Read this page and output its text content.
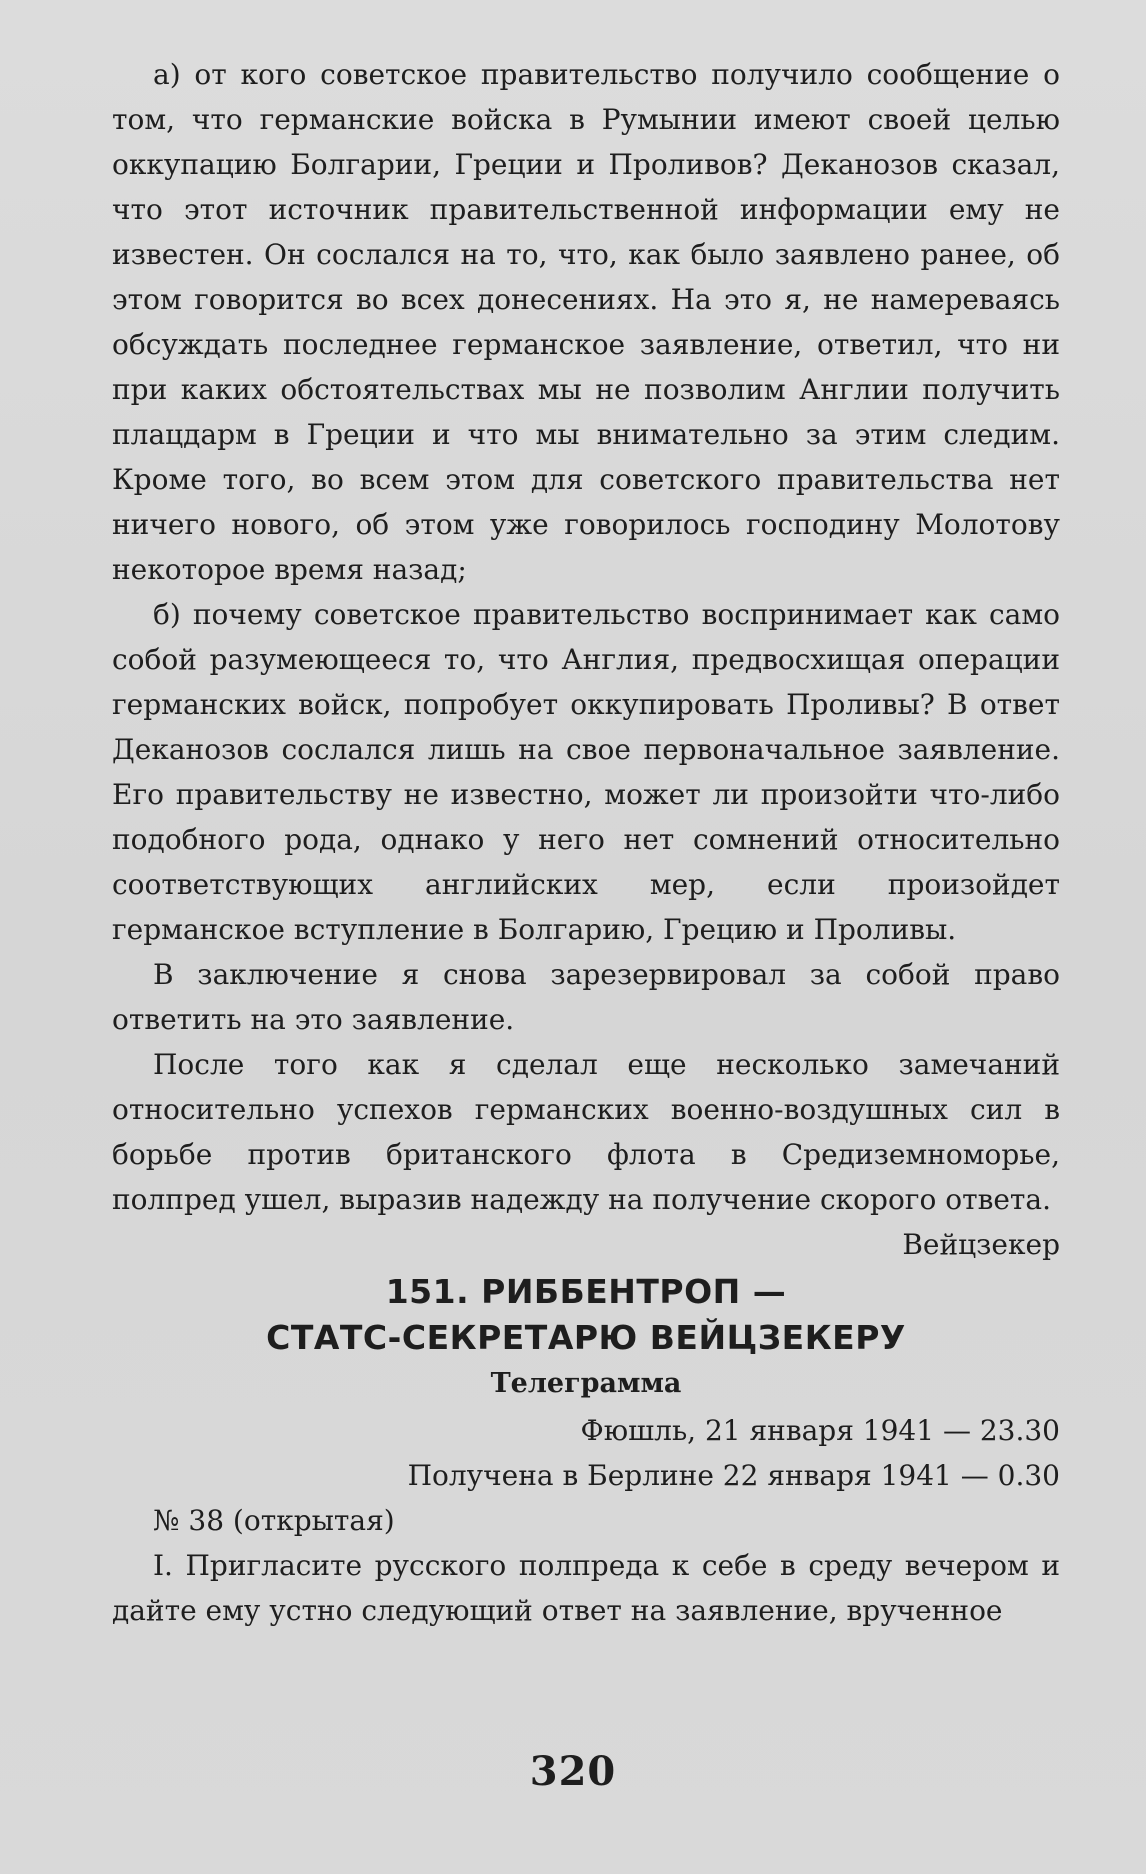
а) от кого советское правительство получило сообщение о том, что германские войска в Румынии имеют своей целью оккупацию Болгарии, Греции и Проливов? Деканозов сказал, что этот источник правительственной информации ему не известен. Он сослался на то, что, как было заявлено ранее, об этом говорится во всех донесениях. На это я, не намереваясь обсуждать последнее германское заявление, ответил, что ни при каких обстоятельствах мы не позволим Англии получить плацдарм в Греции и что мы внимательно за этим следим. Кроме того, во всем этом для советского правительства нет ничего нового, об этом уже говорилось господину Молотову некоторое время назад;

б) почему советское правительство воспринимает как само собой разумеющееся то, что Англия, предвосхищая операции германских войск, попробует оккупировать Проливы? В ответ Деканозов сослался лишь на свое первоначальное заявление. Его правительству не известно, может ли произойти что-либо подобного рода, однако у него нет сомнений относительно соответствующих английских мер, если произойдет германское вступление в Болгарию, Грецию и Проливы.

В заключение я снова зарезервировал за собой право ответить на это заявление.

После того как я сделал еще несколько замечаний относительно успехов германских военно-воздушных сил в борьбе против британского флота в Средиземноморье, полпред ушел, выразив надежду на получение скорого ответа.

Вейцзекер

151. РИББЕНТРОП —

СТАТС-СЕКРЕТАРЮ ВЕЙЦЗЕКЕРУ

Телеграмма

Фюшль, 21 января 1941 — 23.30

Получена в Берлине 22 января 1941 — 0.30

№ 38 (открытая)

I. Пригласите русского полпреда к себе в среду вечером и дайте ему устно следующий ответ на заявление, врученное

320
